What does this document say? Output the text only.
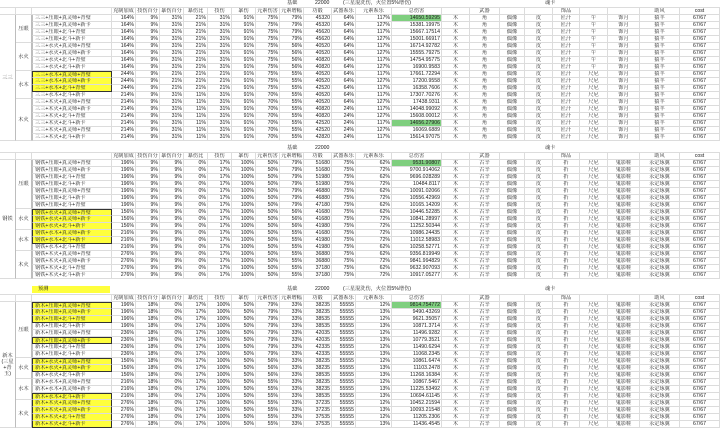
基础	22000	(三星混洗伤，火位置5%增伤)	魂卡
克制加成 技伤百分 暴伤百分	暴伤比	技伤	暴伤	元素伤害 元素增幅	功锻	武器系乐	元素系乐	总伤害	武器	饰品	助风	cost
三三
压眼
水火
水木
木火
三三+压眼+真灵师+青璧	164%	9%	31%	21%	31%	91%	75%	79%	45320	64%	117%	14650.59295	木	角	偶像	皮	匠汗	午	饰月	猿羊	67/67
三三+压眼+真灵师+新卡	164%	9%	31%	21%	31%	91%	75%	79%	45320	64%	127%	15381.19975	木	角	偶像	皮	匠汗	午	饰月	猿羊	67/67
三三+压眼+北斗+青璧	164%	9%	31%	21%	31%	91%	75%	79%	45620	64%	117%	15667.17514	木	角	偶像	皮	匠汗	午	饰月	猿羊	67/67
三三+压眼+北斗+新卡	164%	9%	31%	21%	31%	91%	75%	79%	45620	64%	127%	15001.66917	木	角	偶像	皮	匠汗	午	饰月	猿羊	67/67
三三+水火+真灵师+青璧	164%	9%	31%	21%	31%	91%	75%	56%	40520	64%	117%	16714.92782	木	角	偶像	皮	匠汗	午	饰月	猿羊	67/67
三三+水火+真灵师+新卡	164%	9%	31%	21%	31%	91%	75%	56%	40520	64%	127%	15555.79275	木	角	偶像	皮	匠汗	午	饰月	猿羊	67/67
三三+水火+北斗+青璧	164%	9%	31%	21%	31%	91%	75%	56%	40820	64%	117%	14754.95775	木	角	偶像	皮	匠汗	午	饰月	猿羊	67/67
三三+水火+北斗+新卡	164%	9%	31%	21%	31%	91%	75%	56%	40820	64%	127%	16900.9583	木	角	偶像	皮	匠汗	午	饰月	猿羊	67/67
三三+水木+真灵师+青璧	244%	9%	21%	21%	21%	91%	75%	55%	40520	64%	117%	17661.72294	木	角	偶像	皮	匠汗	尺尼	饰月	猿羊	67/67
三三+水木+真灵师+新卡	244%	9%	21%	21%	21%	91%	75%	55%	40520	64%	127%	17200.9558	木	角	偶像	皮	匠汗	尺尼	饰月	猿羊	67/67
三三+水木+北斗+青璧	244%	9%	21%	21%	21%	91%	75%	55%	42520	64%	117%	16358.7606	木	角	偶像	皮	匠汗	尺尼	饰月	猿羊	67/67
三三+水木+北斗+新卡	214%	9%	31%	11%	31%	91%	70%	55%	40520	64%	117%	17307.70276	木	角	偶像	皮	匠汗	尺尼	饰月	猿羊	67/67
三三+木火+真灵师+青璧	214%	9%	31%	11%	31%	91%	70%	55%	40520	64%	127%	17438.9311	木	角	偶像	皮	匠汗	尺尼	饰月	猿羊	67/67
三三+木火+真灵师+新卡	214%	9%	31%	11%	31%	91%	70%	55%	40820	24%	117%	14048.99092	木	角	偶像	皮	匠汗	尺尼	饰月	猿羊	67/67
三三+木火+北斗+青璧	214%	9%	31%	11%	31%	91%	70%	55%	40820	24%	127%	15608.00012	木	角	偶像	皮	匠汗	尺尼	饰月	猿羊	67/67
三三+木火+北斗+新卡	214%	9%	31%	11%	31%	91%	70%	55%	42520	24%	117%	14656.27906	木	角	偶像	皮	匠汗	尺尼	饰月	猿羊	67/67
三三+木火+真灵师+青璧	214%	9%	31%	11%	31%	91%	70%	55%	42520	24%	127%	16069.6889	木	角	偶像	皮	匠汗	尺尼	饰月	猿羊	67/67
三三+木火+北斗+新卡	214%	9%	31%	11%	31%	91%	70%	55%	42820	24%	117%	15614.97075	木	角	偶像	皮	匠汗	尺尼	饰月	猿羊	67/67
基础	22000	魂卡
克制加成 技伤百分 暴伤百分	暴伤比	技伤	暴伤	元素伤害 元素增幅	功锻	武器系乐	元素系乐	总伤害	武器	饰品	助风	cost
钢铁
压眼
水火
水木
木火
钢铁+压眼+真灵师+青璧	196%	9%	9%	0%	17%	100%	50%	79%	51680	75%	62%	9531.90807	木	古辛	偶像	皮	折	尺尼	鬼影鞋	永定琢翼	67/67
钢铁+压眼+真灵师+新卡	196%	9%	9%	0%	17%	100%	50%	79%	51680	75%	72%	9700.914062	木	古辛	偶像	皮	折	尺尼	鬼影鞋	永定琢翼	67/67
钢铁+压眼+北斗+青璧	196%	9%	9%	0%	17%	100%	50%	79%	51980	75%	62%	9696.028289	木	古辛	偶像	皮	折	尺尼	鬼影鞋	永定琢翼	67/67
钢铁+压眼+北斗+新卡	196%	9%	9%	0%	17%	100%	50%	79%	51980	75%	72%	10484.8117	木	古辛	偶像	皮	折	尺尼	鬼影鞋	永定琢翼	67/67
钢铁+压眼+真灵师+青璧	196%	9%	9%	0%	17%	100%	50%	79%	46880	75%	62%	10091.02066	木	古辛	偶像	皮	折	尺尼	鬼影鞋	永定琢翼	67/67
钢铁+压眼+北斗+新卡	196%	9%	9%	0%	17%	100%	50%	79%	46880	75%	72%	10556.42969	木	古辛	偶像	皮	折	尺尼	鬼影鞋	永定琢翼	67/67
钢铁+压眼+北斗+青璧	196%	9%	9%	0%	17%	100%	50%	79%	47180	75%	62%	10165.14209	木	古辛	偶像	皮	折	尺尼	鬼影鞋	永定琢翼	67/67
钢铁+水火+真灵师+青璧	156%	9%	9%	0%	17%	100%	50%	56%	41680	75%	62%	10446.52285	木	古辛	偶像	皮	折	尺尼	鬼影鞋	永定琢翼	67/67
钢铁+水火+真灵师+新卡	156%	9%	9%	0%	17%	100%	50%	56%	41680	75%	72%	10841.28997	木	古辛	偶像	皮	折	尺尼	鬼影鞋	永定琢翼	67/67
钢铁+水火+北斗+新卡	156%	9%	9%	0%	17%	100%	50%	56%	41980	75%	72%	11252.50344	木	古辛	偶像	皮	折	尺尼	鬼影鞋	永定琢翼	67/67
钢铁+水木+真灵师+新卡	216%	9%	9%	0%	17%	100%	50%	55%	41680	75%	72%	10986.24435	木	古辛	偶像	皮	折	尺尼	鬼影鞋	永定琢翼	67/67
钢铁+水木+北斗+新卡	216%	9%	9%	0%	17%	100%	50%	55%	41980	75%	72%	11012.58983	木	古辛	偶像	皮	折	尺尼	鬼影鞋	永定琢翼	67/67
钢铁+水木+北斗+青璧	216%	9%	9%	0%	17%	100%	50%	55%	41980	75%	62%	10258.52771	木	古辛	偶像	皮	折	尺尼	鬼影鞋	永定琢翼	67/67
钢铁+木火+真灵师+青璧	276%	9%	9%	0%	17%	100%	50%	55%	36880	75%	62%	9356.819949	木	古辛	偶像	皮	折	尺尼	鬼影鞋	永定琢翼	67/67
钢铁+木火+真灵师+新卡	276%	9%	9%	0%	17%	100%	50%	55%	36880	75%	72%	9841.994829	木	古辛	偶像	皮	折	尺尼	鬼影鞋	永定琢翼	67/67
钢铁+木火+北斗+青璧	276%	9%	9%	0%	17%	100%	50%	55%	37180	75%	62%	9632.907093	木	古辛	偶像	皮	折	尺尼	鬼影鞋	永定琢翼	67/67
钢铁+木火+北斗+新卡	276%	9%	9%	0%	17%	100%	50%	55%	37180	75%	72%	10917.05277	木	古辛	偶像	皮	折	尺尼	鬼影鞋	永定琢翼	67/67
预测	基础	22000	(三星混洗伤，火位置5%增伤)	魂卡
克制加成 技伤百分 暴伤百分	暴伤比	技伤	暴伤	元素伤害 元素增幅	功锻	武器系乐	元素系乐	总伤害	武器	饰品	助风	cost
新木
(三星
+青玉)
压眼
水火
水木
木火
新木+压眼+真灵师+青璧	196%	18%	0%	17%	100%	50%	79%	33%	38235	55555	12%	9814.754772	木	古辛	偶像	皮	折	尺尼	鬼影鞋	永定琢翼	67/67
新木+压眼+真灵师+新卡	196%	18%	0%	17%	100%	50%	79%	33%	38235	55555	13%	9490.43269	木	古辛	偶像	皮	折	尺尼	鬼影鞋	永定琢翼	67/67
新木+压眼+北斗+青璧	196%	18%	0%	17%	100%	50%	79%	33%	38535	55555	12%	9621.35057	木	古辛	偶像	皮	折	尺尼	鬼影鞋	永定琢翼	67/67
新木+压眼+北斗+新卡	196%	18%	0%	17%	100%	50%	79%	33%	38535	55555	13%	10871.3714	木	古辛	偶像	皮	折	尺尼	鬼影鞋	永定琢翼	67/67
新木+压眼+真灵师+青璧	236%	18%	0%	17%	100%	50%	79%	33%	42035	55555	12%	11496.9282	木	古辛	偶像	皮	折	尺尼	鬼影鞋	永定琢翼	67/67
新木+压眼+真灵师+新卡	236%	18%	0%	17%	100%	50%	79%	33%	42035	55555	13%	10779.3521	木	古辛	偶像	皮	折	尺尼	鬼影鞋	永定琢翼	67/67
新木+压眼+北斗+青璧	236%	18%	0%	17%	100%	50%	79%	33%	42335	55555	12%	11490.6294	木	古辛	偶像	皮	折	尺尼	鬼影鞋	永定琢翼	67/67
新木+压眼+北斗+新卡	236%	18%	0%	17%	100%	50%	79%	33%	42335	55555	13%	11068.2345	木	古辛	偶像	皮	折	尺尼	鬼影鞋	永定琢翼	67/67
新木+水火+真灵师+青璧	156%	18%	0%	17%	100%	50%	56%	33%	38235	55555	12%	10861.6474	木	古辛	偶像	皮	折	尺尼	鬼影鞋	永定琢翼	67/67
新木+水火+真灵师+新卡	156%	18%	0%	17%	100%	50%	56%	33%	38235	55555	13%	11103.2478	木	古辛	偶像	皮	折	尺尼	鬼影鞋	永定琢翼	67/67
新木+水火+北斗+新卡	156%	18%	0%	17%	100%	50%	56%	33%	38535	55555	13%	11268.16384	木	古辛	偶像	皮	折	尺尼	鬼影鞋	永定琢翼	67/67
新木+水木+真灵师+青璧	216%	18%	0%	17%	100%	50%	55%	33%	38235	55555	12%	10867.5467	木	古辛	偶像	皮	折	尺尼	鬼影鞋	永定琢翼	67/67
新木+水木+真灵师+新卡	216%	18%	0%	17%	100%	50%	55%	33%	38235	55555	13%	11225.53492	木	古辛	偶像	皮	折	尺尼	鬼影鞋	永定琢翼	67/67
新木+水木+北斗+新卡	216%	18%	0%	17%	100%	50%	55%	33%	38535	55555	13%	10694.61145	木	古辛	偶像	皮	折	尺尼	鬼影鞋	永定琢翼	67/67
新木+木火+真灵师+青璧	276%	18%	0%	17%	100%	50%	55%	33%	37235	55555	12%	10452.21594	木	古辛	偶像	皮	折	尺尼	鬼影鞋	永定琢翼	67/67
新木+木火+真灵师+新卡	276%	18%	0%	17%	100%	50%	55%	33%	37235	55555	13%	10093.21548	木	古辛	偶像	皮	折	尺尼	鬼影鞋	永定琢翼	67/67
新木+木火+北斗+青璧	276%	18%	0%	17%	100%	50%	55%	33%	37535	55555	12%	11205.2306	木	古辛	偶像	皮	折	尺尼	鬼影鞋	永定琢翼	67/67
新木+木火+北斗+新卡	276%	18%	0%	17%	100%	50%	55%	33%	37535	55555	13%	11436.4545	木	古辛	偶像	皮	折	尺尼	鬼影鞋	永定琢翼	67/67
